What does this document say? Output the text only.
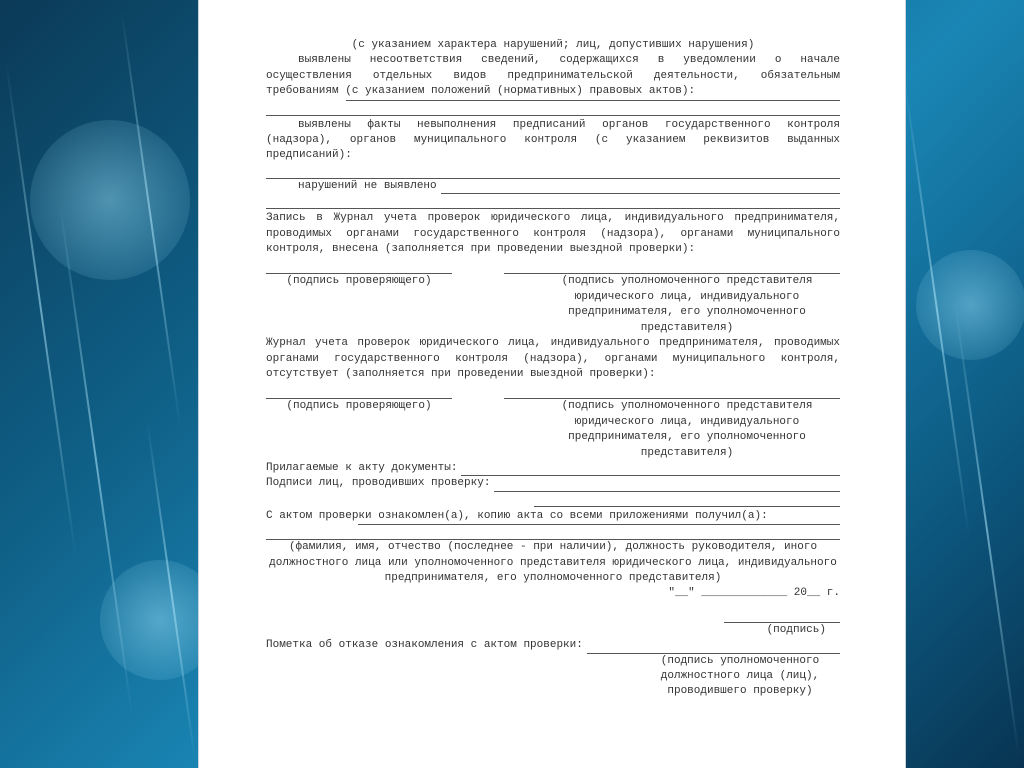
(с указанием характера нарушений; лиц, допустивших нарушения)

выявлены несоответствия сведений, содержащихся в уведомлении о начале осуществления отдельных видов предпринимательской деятельности, обязательным требованиям (с указанием положений (нормативных) правовых актов):

выявлены факты невыполнения предписаний органов государственного контроля (надзора), органов муниципального контроля (с указанием реквизитов выданных предписаний):

нарушений не выявлено

Запись в Журнал учета проверок юридического лица, индивидуального предпринимателя, проводимых органами государственного контроля (надзора), органами муниципального контроля, внесена (заполняется при проведении выездной проверки):

(подпись проверяющего)	(подпись уполномоченного представителя юридического лица, индивидуального предпринимателя, его уполномоченного представителя)

Журнал учета проверок юридического лица, индивидуального предпринимателя, проводимых органами государственного контроля (надзора), органами муниципального контроля, отсутствует (заполняется при проведении выездной проверки):

(подпись проверяющего)	(подпись уполномоченного представителя юридического лица, индивидуального предпринимателя, его уполномоченного представителя)
Прилагаемые к акту документы:
Подписи лиц, проводивших проверку:

С актом проверки ознакомлен(а), копию акта со всеми приложениями получил(а):

(фамилия, имя, отчество (последнее - при наличии), должность руководителя, иного должностного лица или уполномоченного представителя юридического лица, индивидуального предпринимателя, его уполномоченного представителя)

"__" _____________ 20__ г.

(подпись)

Пометка об отказе ознакомления с актом проверки:

(подпись уполномоченного должностного лица (лиц), проводившего проверку)
